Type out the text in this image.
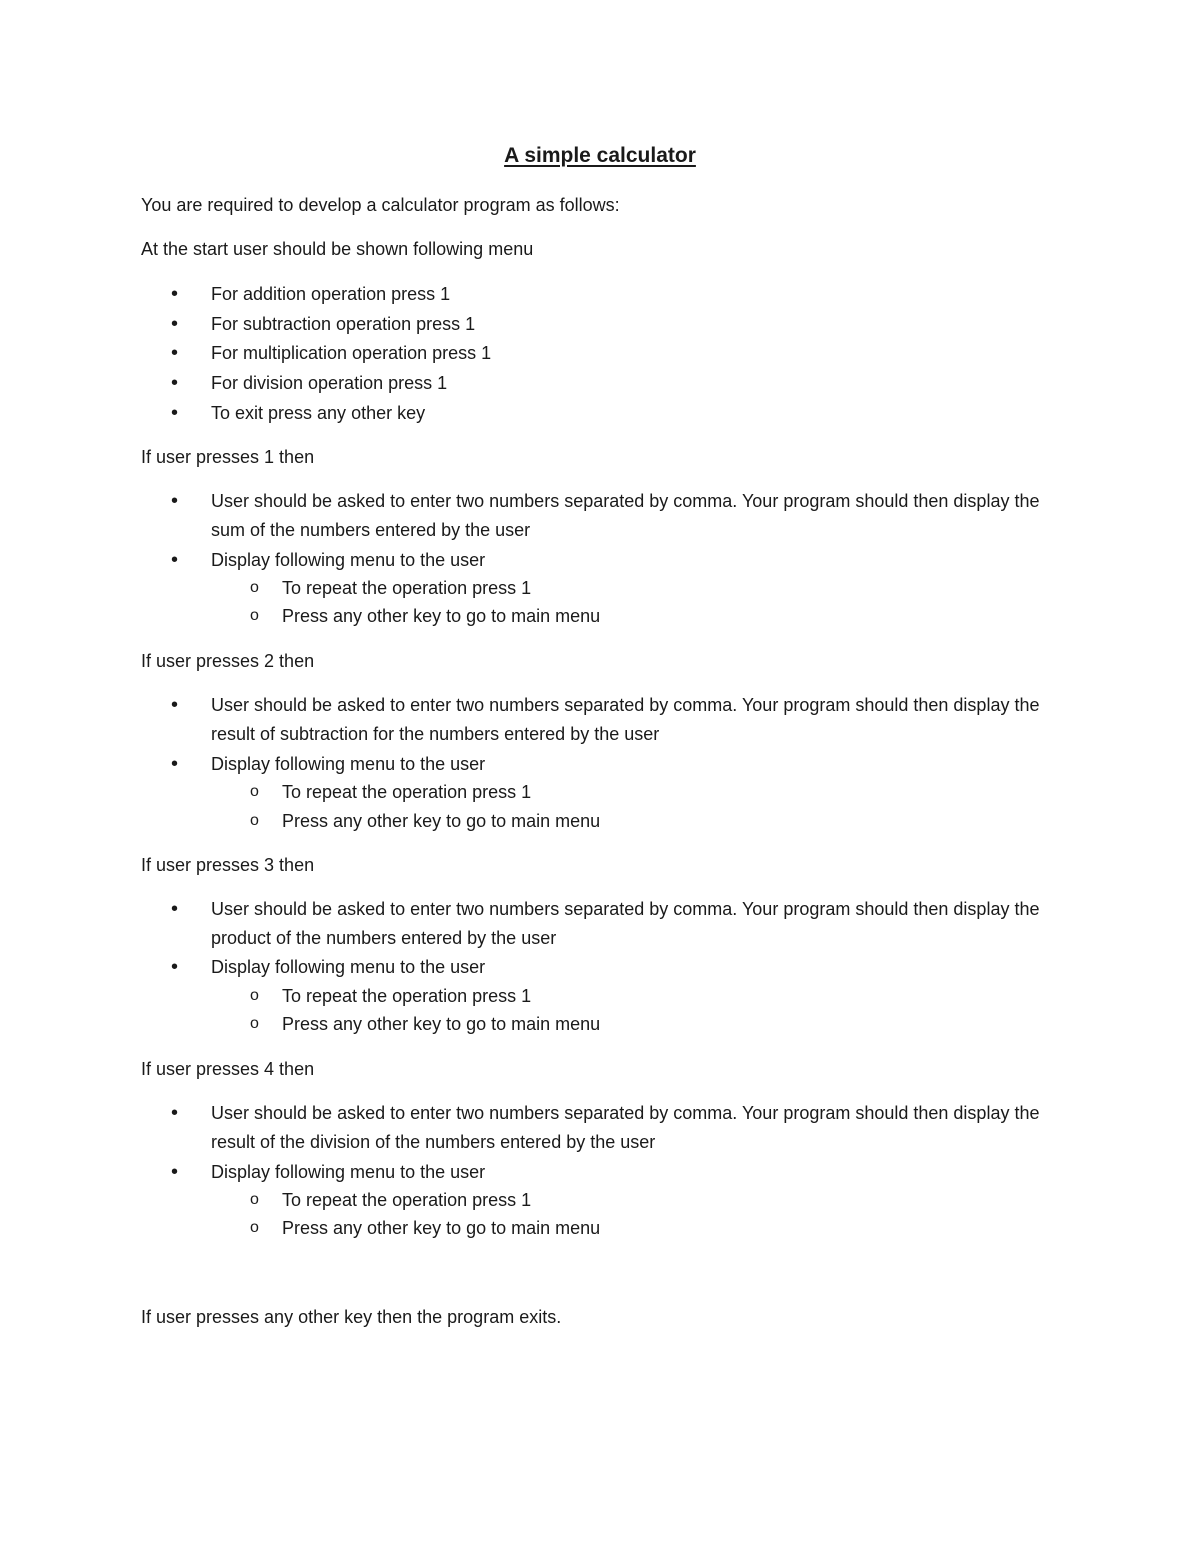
A simple calculator
You are required to develop a calculator program as follows:
At the start user should be shown following menu
• For addition operation press 1
• For subtraction operation press 1
• For multiplication operation press 1
• For division operation press 1
• To exit press any other key
If user presses 1 then
• User should be asked to enter two numbers separated by comma. Your program should then display the sum of the numbers entered by the user
• Display following menu to the user
o To repeat the operation press 1
o Press any other key to go to main menu
If user presses 2 then
• User should be asked to enter two numbers separated by comma. Your program should then display the result of subtraction for the numbers entered by the user
• Display following menu to the user
o To repeat the operation press 1
o Press any other key to go to main menu
If user presses 3 then
• User should be asked to enter two numbers separated by comma. Your program should then display the product of the numbers entered by the user
• Display following menu to the user
o To repeat the operation press 1
o Press any other key to go to main menu
If user presses 4 then
• User should be asked to enter two numbers separated by comma. Your program should then display the result of the division of the numbers entered by the user
• Display following menu to the user
o To repeat the operation press 1
o Press any other key to go to main menu
If user presses any other key then the program exits.
